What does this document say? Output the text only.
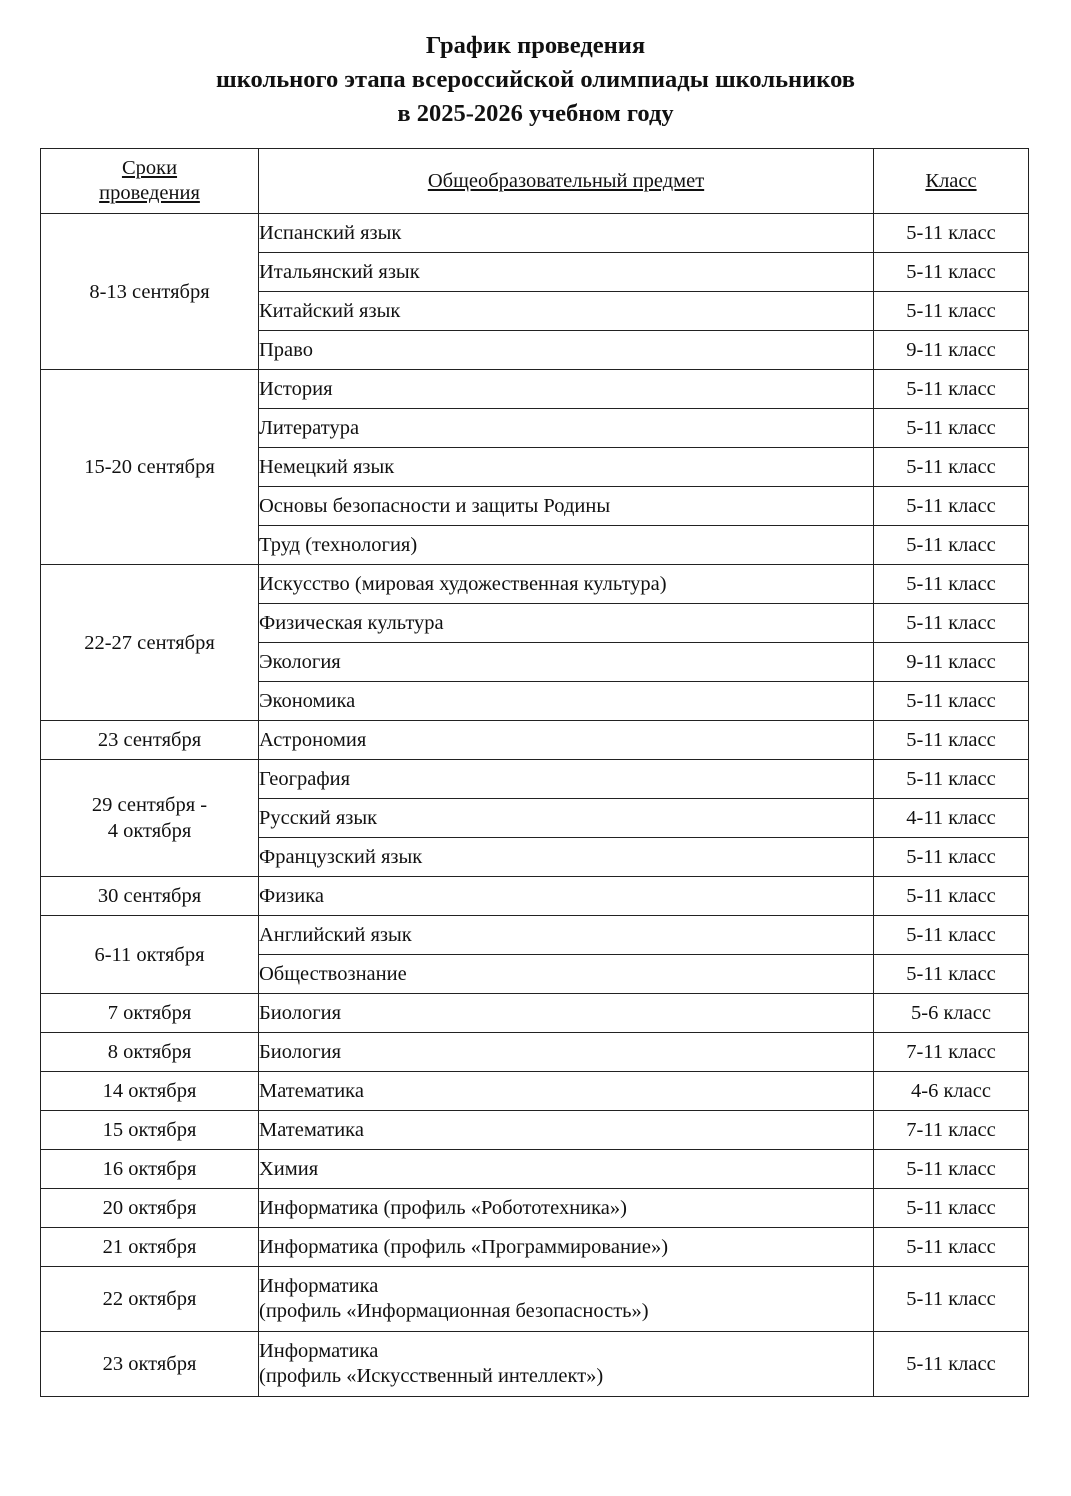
График проведения
школьного этапа всероссийской олимпиады школьников
в 2025-2026 учебном году
Сроки
проведения	Общеобразовательный предмет	Класс

8-13 сентября	Испанский язык	5-11 класс
	Итальянский язык	5-11 класс
	Китайский язык	5-11 класс
	Право	9-11 класс

15-20 сентября	История	5-11 класс
	Литература	5-11 класс
	Немецкий язык	5-11 класс
	Основы безопасности и защиты Родины	5-11 класс
	Труд (технология)	5-11 класс

22-27 сентября	Искусство (мировая художественная культура)	5-11 класс
	Физическая культура	5-11 класс
	Экология	9-11 класс
	Экономика	5-11 класс

23 сентября	Астрономия	5-11 класс

29 сентября -
4 октября	География	5-11 класс
	Русский язык	4-11 класс
	Французский язык	5-11 класс

30 сентября	Физика	5-11 класс

6-11 октября	Английский язык	5-11 класс
	Обществознание	5-11 класс

7 октября	Биология	5-6 класс

8 октября	Биология	7-11 класс

14 октября	Математика	4-6 класс

15 октября	Математика	7-11 класс

16 октября	Химия	5-11 класс

20 октября	Информатика (профиль «Робототехника»)	5-11 класс

21 октября	Информатика (профиль «Программирование»)	5-11 класс

22 октября	Информатика
(профиль «Информационная безопасность»)	5-11 класс

23 октября	Информатика
(профиль «Искусственный интеллект»)	5-11 класс
